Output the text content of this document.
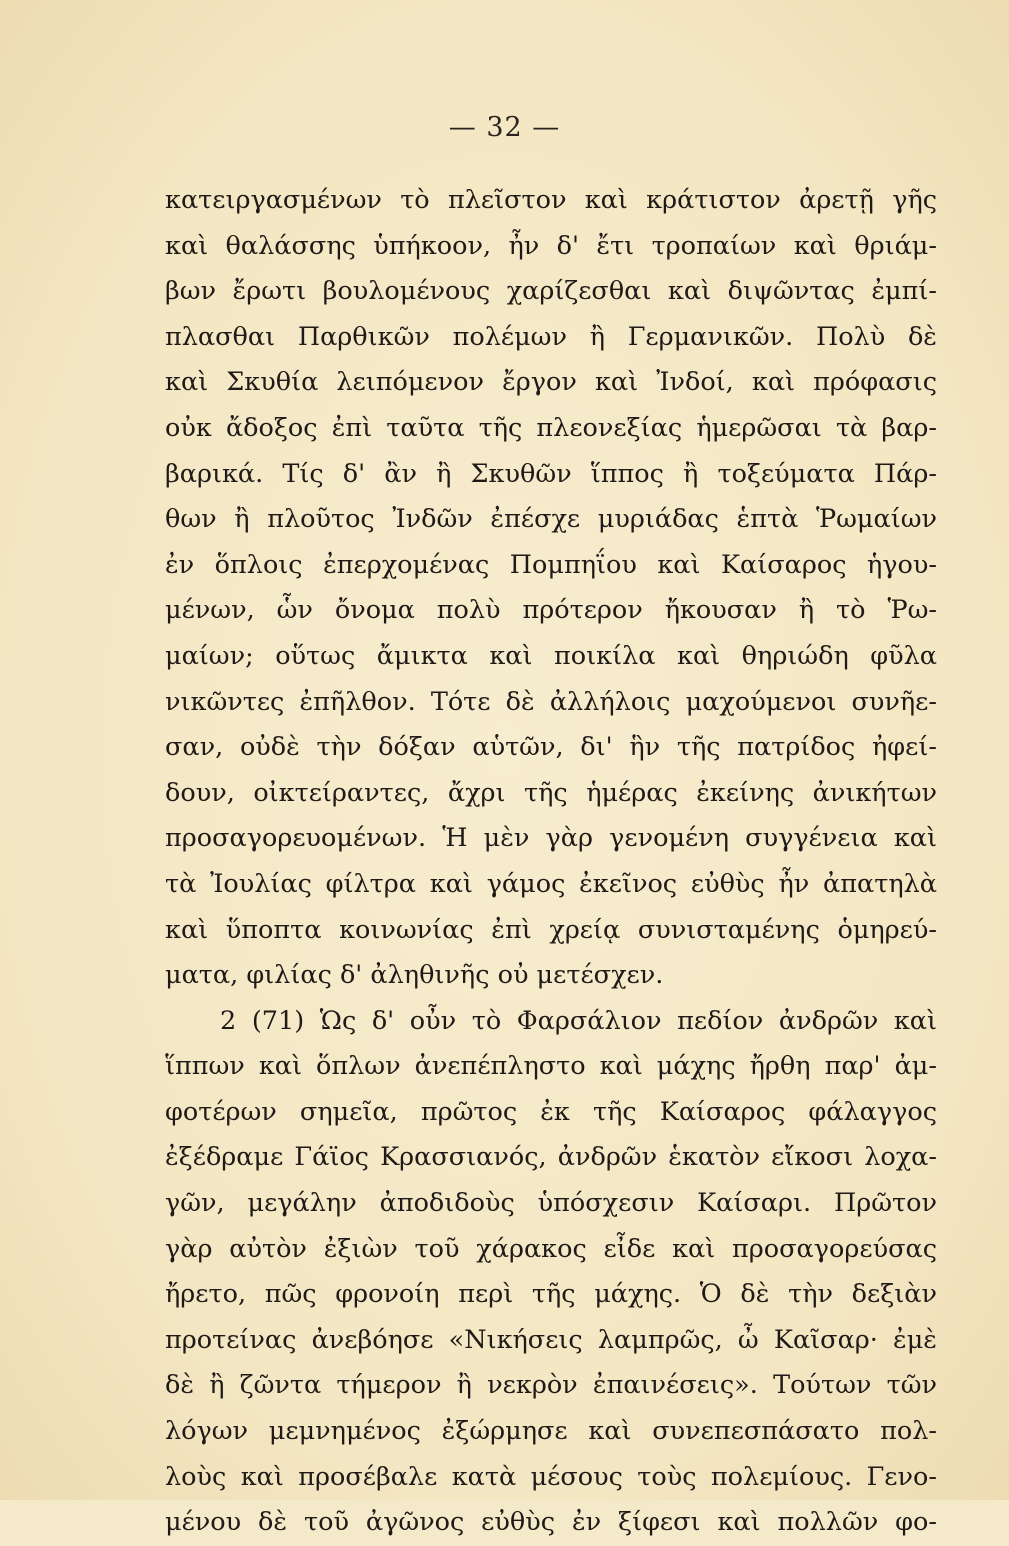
— 32 —
κατειργασμένων τὸ πλεῖστον καὶ κράτιστον ἀρετῇ γῆς
καὶ θαλάσσης ὑπήκοον, ἦν δ' ἔτι τροπαίων καὶ θριάμ-
βων ἔρωτι βουλομένους χαρίζεσθαι καὶ διψῶντας ἐμπί-
πλασθαι Παρθικῶν πολέμων ἢ Γερμανικῶν. Πολὺ δὲ
καὶ Σκυθία λειπόμενον ἔργον καὶ Ἰνδοί, καὶ πρόφασις
οὐκ ἄδοξος ἐπὶ ταῦτα τῆς πλεονεξίας ἡμερῶσαι τὰ βαρ-
βαρικά. Τίς δ' ἂν ἢ Σκυθῶν ἵππος ἢ τοξεύματα Πάρ-
θων ἢ πλοῦτος Ἰνδῶν ἐπέσχε μυριάδας ἑπτὰ Ῥωμαίων
ἐν ὅπλοις ἐπερχομένας Πομπηΐου καὶ Καίσαρος ἡγου-
μένων, ὧν ὄνομα πολὺ πρότερον ἤκουσαν ἢ τὸ Ῥω-
μαίων; οὕτως ἄμικτα καὶ ποικίλα καὶ θηριώδη φῦλα
νικῶντες ἐπῆλθον. Τότε δὲ ἀλλήλοις μαχούμενοι συνῆε-
σαν, οὐδὲ τὴν δόξαν αὑτῶν, δι' ἣν τῆς πατρίδος ἠφεί-
δουν, οἰκτείραντες, ἄχρι τῆς ἡμέρας ἐκείνης ἀνικήτων
προσαγορευομένων. Ἡ μὲν γὰρ γενομένη συγγένεια καὶ
τὰ Ἰουλίας φίλτρα καὶ γάμος ἐκεῖνος εὐθὺς ἦν ἀπατηλὰ
καὶ ὕποπτα κοινωνίας ἐπὶ χρείᾳ συνισταμένης ὁμηρεύ-
ματα, φιλίας δ' ἀληθινῆς οὐ μετέσχεν.
2 (71) Ὡς δ' οὖν τὸ Φαρσάλιον πεδίον ἀνδρῶν καὶ
ἵππων καὶ ὅπλων ἀνεπέπληστο καὶ μάχης ἤρθη παρ' ἀμ-
φοτέρων σημεῖα, πρῶτος ἐκ τῆς Καίσαρος φάλαγγος
ἐξέδραμε Γάϊος Κρασσιανός, ἀνδρῶν ἑκατὸν εἴκοσι λοχα-
γῶν, μεγάλην ἀποδιδοὺς ὑπόσχεσιν Καίσαρι. Πρῶτον
γὰρ αὐτὸν ἐξιὼν τοῦ χάρακος εἶδε καὶ προσαγορεύσας
ἤρετο, πῶς φρονοίη περὶ τῆς μάχης. Ὁ δὲ τὴν δεξιὰν
προτείνας ἀνεβόησε «Νικήσεις λαμπρῶς, ὦ Καῖσαρ· ἐμὲ
δὲ ἢ ζῶντα τήμερον ἢ νεκρὸν ἐπαινέσεις». Τούτων τῶν
λόγων μεμνημένος ἐξώρμησε καὶ συνεπεσπάσατο πολ-
λοὺς καὶ προσέβαλε κατὰ μέσους τοὺς πολεμίους. Γενο-
μένου δὲ τοῦ ἀγῶνος εὐθὺς ἐν ξίφεσι καὶ πολλῶν φο-
